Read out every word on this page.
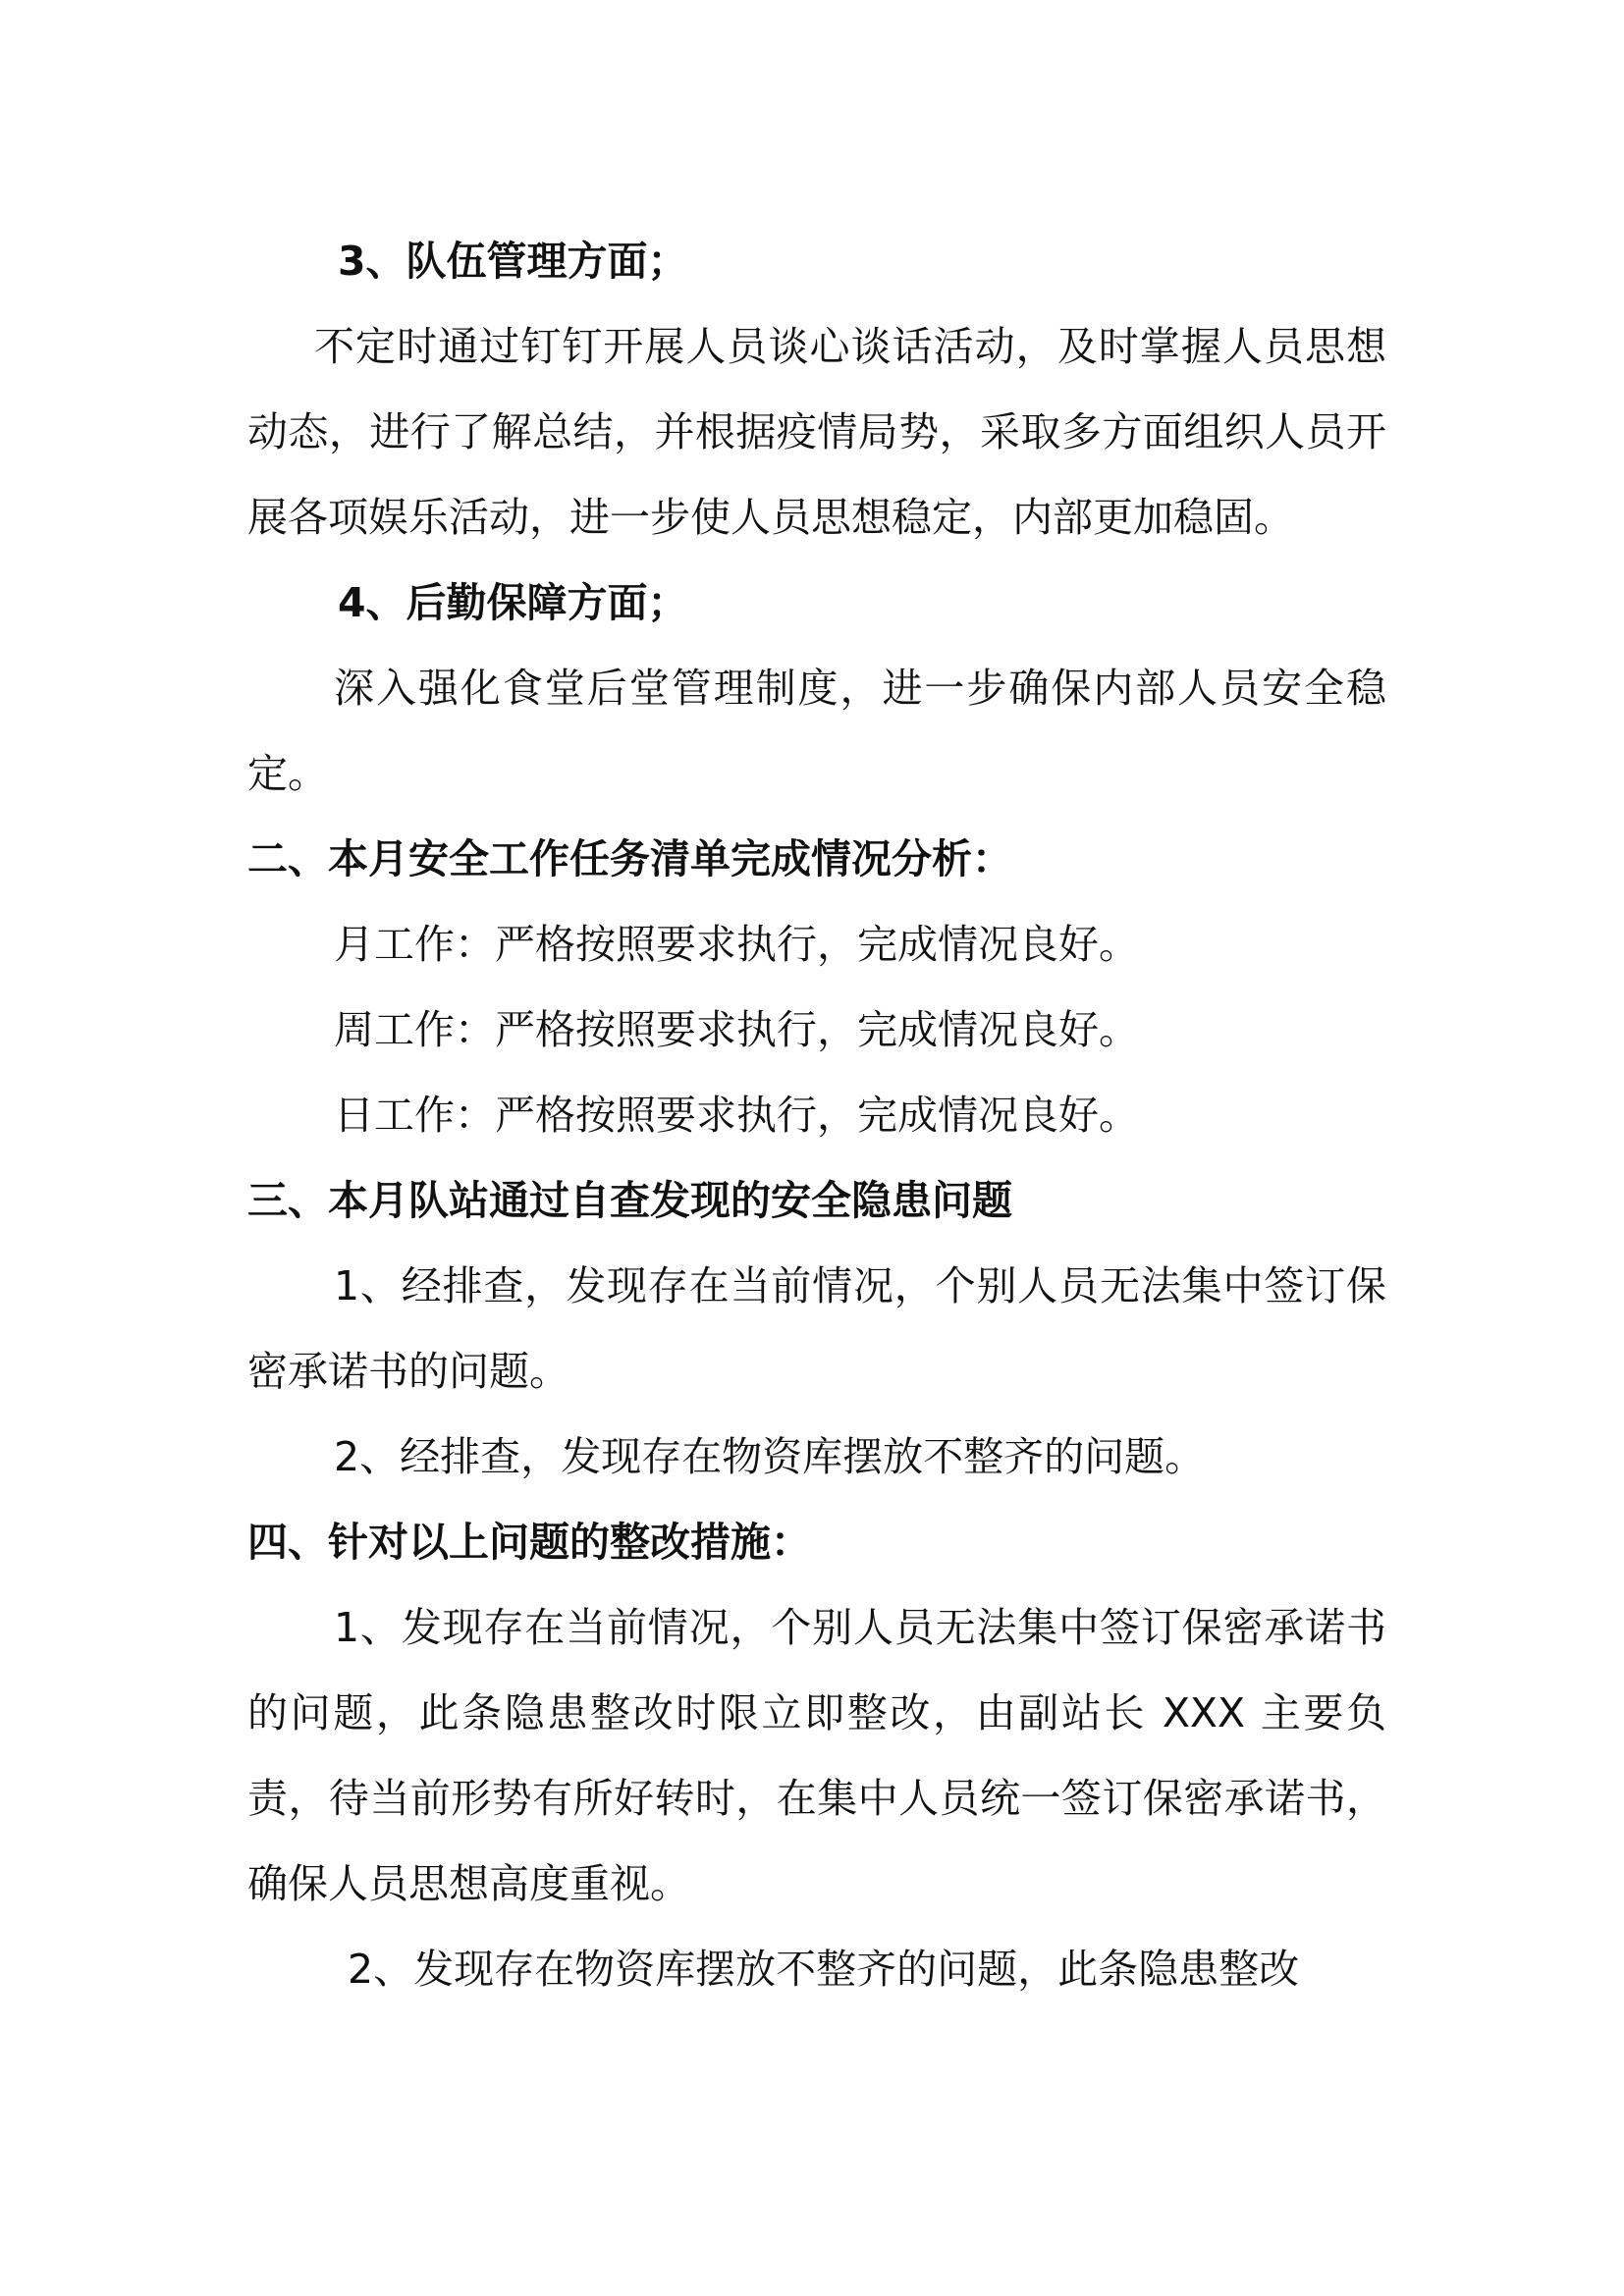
3、队伍管理方面；

不定时通过钉钉开展人员谈心谈话活动，及时掌握人员思想动态，进行了解总结，并根据疫情局势，采取多方面组织人员开展各项娱乐活动，进一步使人员思想稳定，内部更加稳固。

4、后勤保障方面；

深入强化食堂后堂管理制度，进一步确保内部人员安全稳定。

二、本月安全工作任务清单完成情况分析：

月工作：严格按照要求执行，完成情况良好。

周工作：严格按照要求执行，完成情况良好。

日工作：严格按照要求执行，完成情况良好。

三、本月队站通过自查发现的安全隐患问题

1、经排查，发现存在当前情况，个别人员无法集中签订保密承诺书的问题。

2、经排查，发现存在物资库摆放不整齐的问题。

四、针对以上问题的整改措施：

1、发现存在当前情况，个别人员无法集中签订保密承诺书的问题，此条隐患整改时限立即整改，由副站长 XXX 主要负责，待当前形势有所好转时，在集中人员统一签订保密承诺书，确保人员思想高度重视。

2、发现存在物资库摆放不整齐的问题，此条隐患整改
